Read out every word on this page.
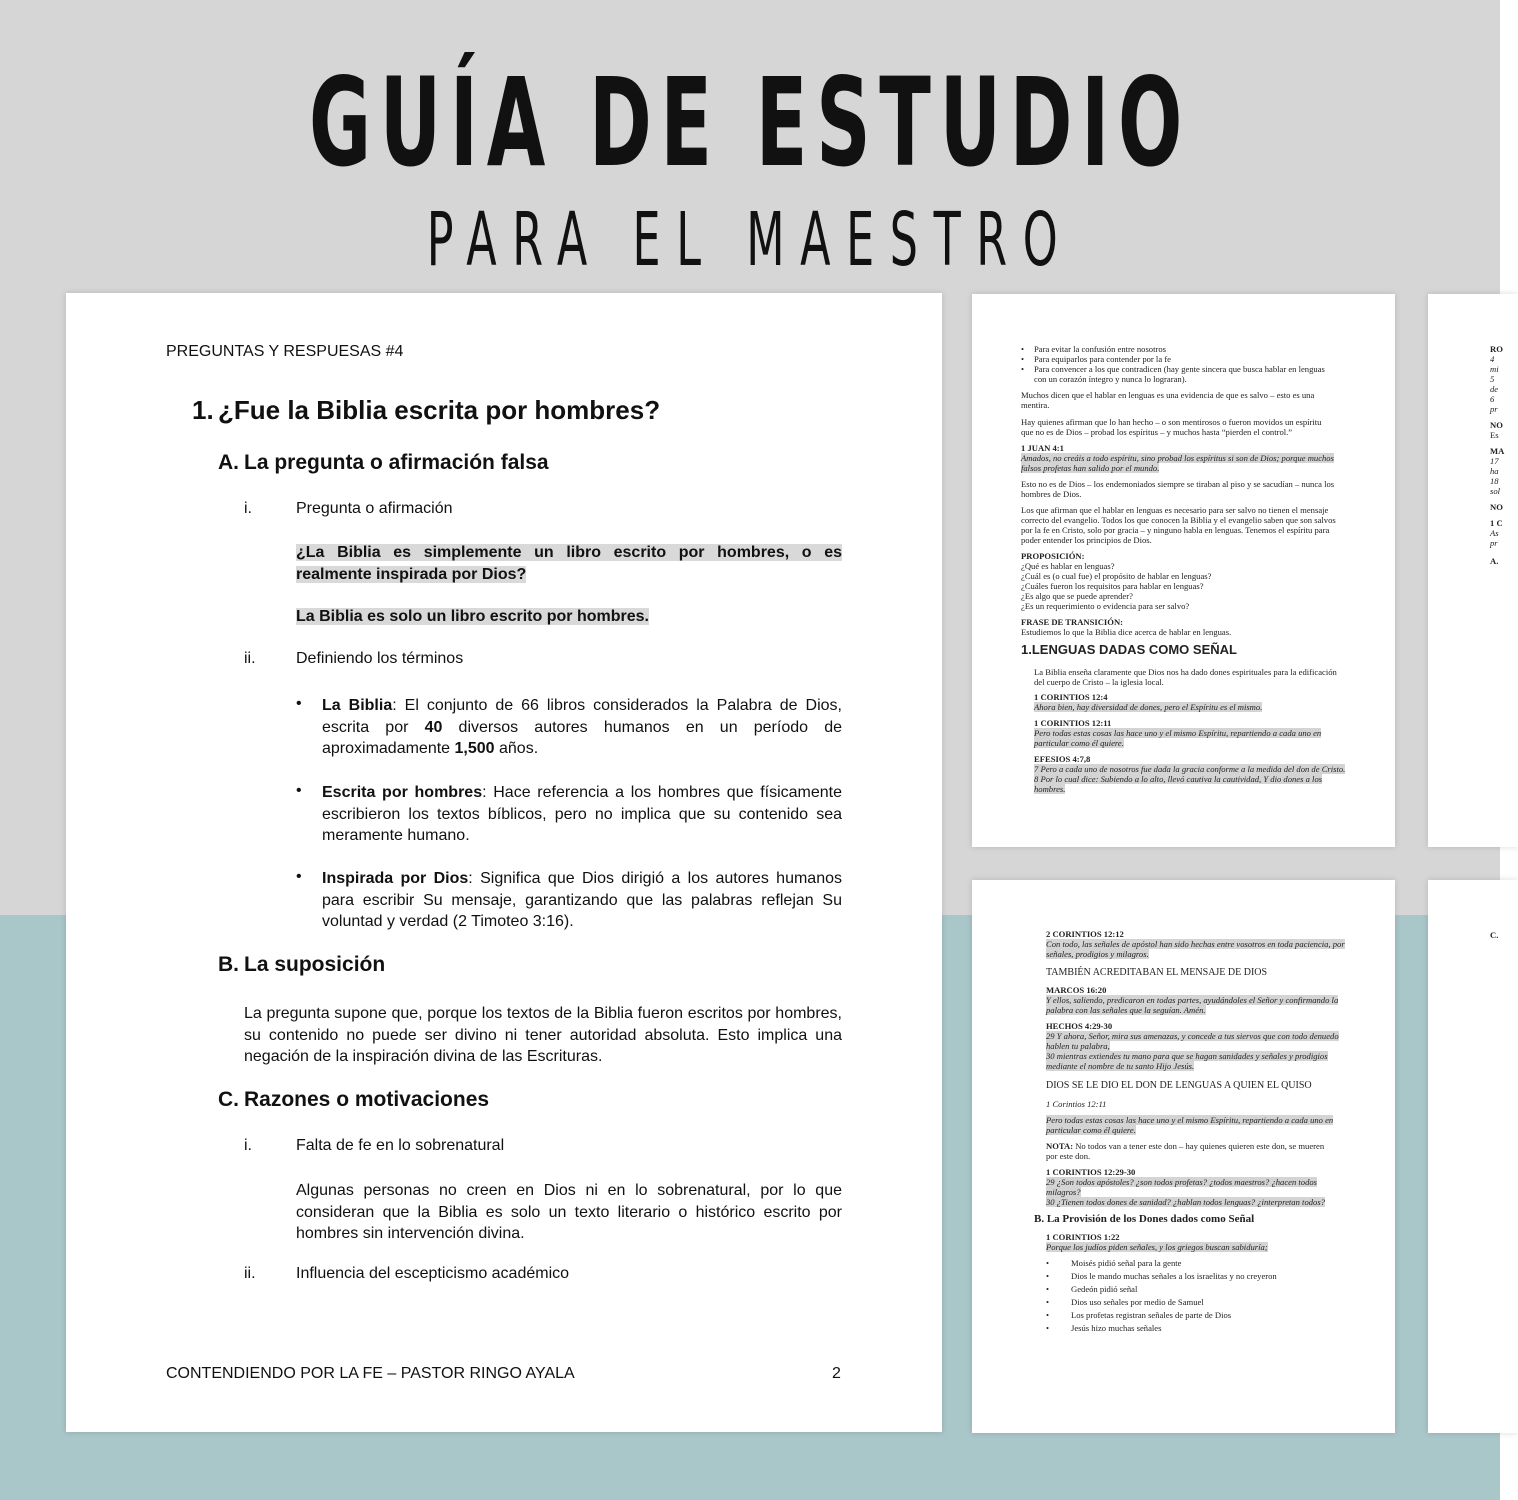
GUÍA DE ESTUDIO
PARA EL MAESTRO
PREGUNTAS Y RESPUESAS #4
1. ¿Fue la Biblia escrita por hombres?
A. La pregunta o afirmación falsa
i.	Pregunta o afirmación
¿La Biblia es simplemente un libro escrito por hombres, o es
realmente inspirada por Dios?
La Biblia es solo un libro escrito por hombres.
ii.	Definiendo los términos
• La Biblia: El conjunto de 66 libros considerados la Palabra de Dios, escrita por 40 diversos autores humanos en un período de aproximadamente 1,500 años.
• Escrita por hombres: Hace referencia a los hombres que físicamente escribieron los textos bíblicos, pero no implica que su contenido sea meramente humano.
• Inspirada por Dios: Significa que Dios dirigió a los autores humanos para escribir Su mensaje, garantizando que las palabras reflejan Su voluntad y verdad (2 Timoteo 3:16).
B. La suposición
La pregunta supone que, porque los textos de la Biblia fueron escritos por hombres, su contenido no puede ser divino ni tener autoridad absoluta. Esto implica una negación de la inspiración divina de las Escrituras.
C. Razones o motivaciones
i.	Falta de fe en lo sobrenatural
Algunas personas no creen en Dios ni en lo sobrenatural, por lo que consideran que la Biblia es solo un texto literario o histórico escrito por hombres sin intervención divina.
ii.	Influencia del escepticismo académico
CONTENDIENDO POR LA FE – PASTOR RINGO AYALA	2
• Para evitar la confusión entre nosotros
• Para equiparlos para contender por la fe
• Para convencer a los que contradicen (hay gente sincera que busca hablar en lenguas
con un corazón íntegro y nunca lo lograran).
Muchos dicen que el hablar en lenguas es una evidencia de que es salvo – esto es una
mentira.
Hay quienes afirman que lo han hecho – o son mentirosos o fueron movidos un espíritu
que no es de Dios – probad los espíritus – y muchos hasta “pierden el control.”
1 JUAN 4:1
Amados, no creáis a todo espíritu, sino probad los espíritus si son de Dios; porque muchos
falsos profetas han salido por el mundo.
Esto no es de Dios – los endemoniados siempre se tiraban al piso y se sacudían – nunca los
hombres de Dios.
Los que afirman que el hablar en lenguas es necesario para ser salvo no tienen el mensaje
correcto del evangelio. Todos los que conocen la Biblia y el evangelio saben que son salvos
por la fe en Cristo, solo por gracia – y ninguno habla en lenguas. Tenemos el espíritu para
poder entender los principios de Dios.
PROPOSICIÓN:
¿Qué es hablar en lenguas?
¿Cuál es (o cual fue) el propósito de hablar en lenguas?
¿Cuáles fueron los requisitos para hablar en lenguas?
¿Es algo que se puede aprender?
¿Es un requerimiento o evidencia para ser salvo?
FRASE DE TRANSICIÓN:
Estudiemos lo que la Biblia dice acerca de hablar en lenguas.
1.LENGUAS DADAS COMO SEÑAL
La Biblia enseña claramente que Dios nos ha dado dones espirituales para la edificación
del cuerpo de Cristo – la iglesia local.
1 CORINTIOS 12:4
Ahora bien, hay diversidad de dones, pero el Espíritu es el mismo.
1 CORINTIOS 12:11
Pero todas estas cosas las hace uno y el mismo Espíritu, repartiendo a cada uno en
particular como él quiere.
EFESIOS 4:7,8
7 Pero a cada uno de nosotros fue dada la gracia conforme a la medida del don de Cristo.
8 Por lo cual dice: Subiendo a lo alto, llevó cautiva la cautividad, Y dio dones a los
hombres.
2 CORINTIOS 12:12
Con todo, las señales de apóstol han sido hechas entre vosotros en toda paciencia, por
señales, prodigios y milagros.
TAMBIÉN ACREDITABAN EL MENSAJE DE DIOS
MARCOS 16:20
Y ellos, saliendo, predicaron en todas partes, ayudándoles el Señor y confirmando la
palabra con las señales que la seguían. Amén.
HECHOS 4:29-30
29 Y ahora, Señor, mira sus amenazas, y concede a tus siervos que con todo denuedo
hablen tu palabra,
30 mientras extiendes tu mano para que se hagan sanidades y señales y prodigios
mediante el nombre de tu santo Hijo Jesús.
DIOS SE LE DIO EL DON DE LENGUAS A QUIEN EL QUISO
1 Corintios 12:11
Pero todas estas cosas las hace uno y el mismo Espíritu, repartiendo a cada uno en
particular como él quiere.
NOTA: No todos van a tener este don – hay quienes quieren este don, se mueren
por este don.
1 CORINTIOS 12:29-30
29 ¿Son todos apóstoles? ¿son todos profetas? ¿todos maestros? ¿hacen todos
milagros?
30 ¿Tienen todos dones de sanidad? ¿hablan todos lenguas? ¿interpretan todos?
B. La Provisión de los Dones dados como Señal
1 CORINTIOS 1:22
Porque los judíos piden señales, y los griegos buscan sabiduría;
•	Moisés pidió señal para la gente
•	Dios le mando muchas señales a los israelitas y no creyeron
•	Gedeón pidió señal
•	Dios uso señales por medio de Samuel
•	Los profetas registran señales de parte de Dios
•	Jesús hizo muchas señales
RO
4
mi
5
de
6
pr
NO
Es
MA
17
ha
18
sol
NO
1 C
As
pr
A.
C.
